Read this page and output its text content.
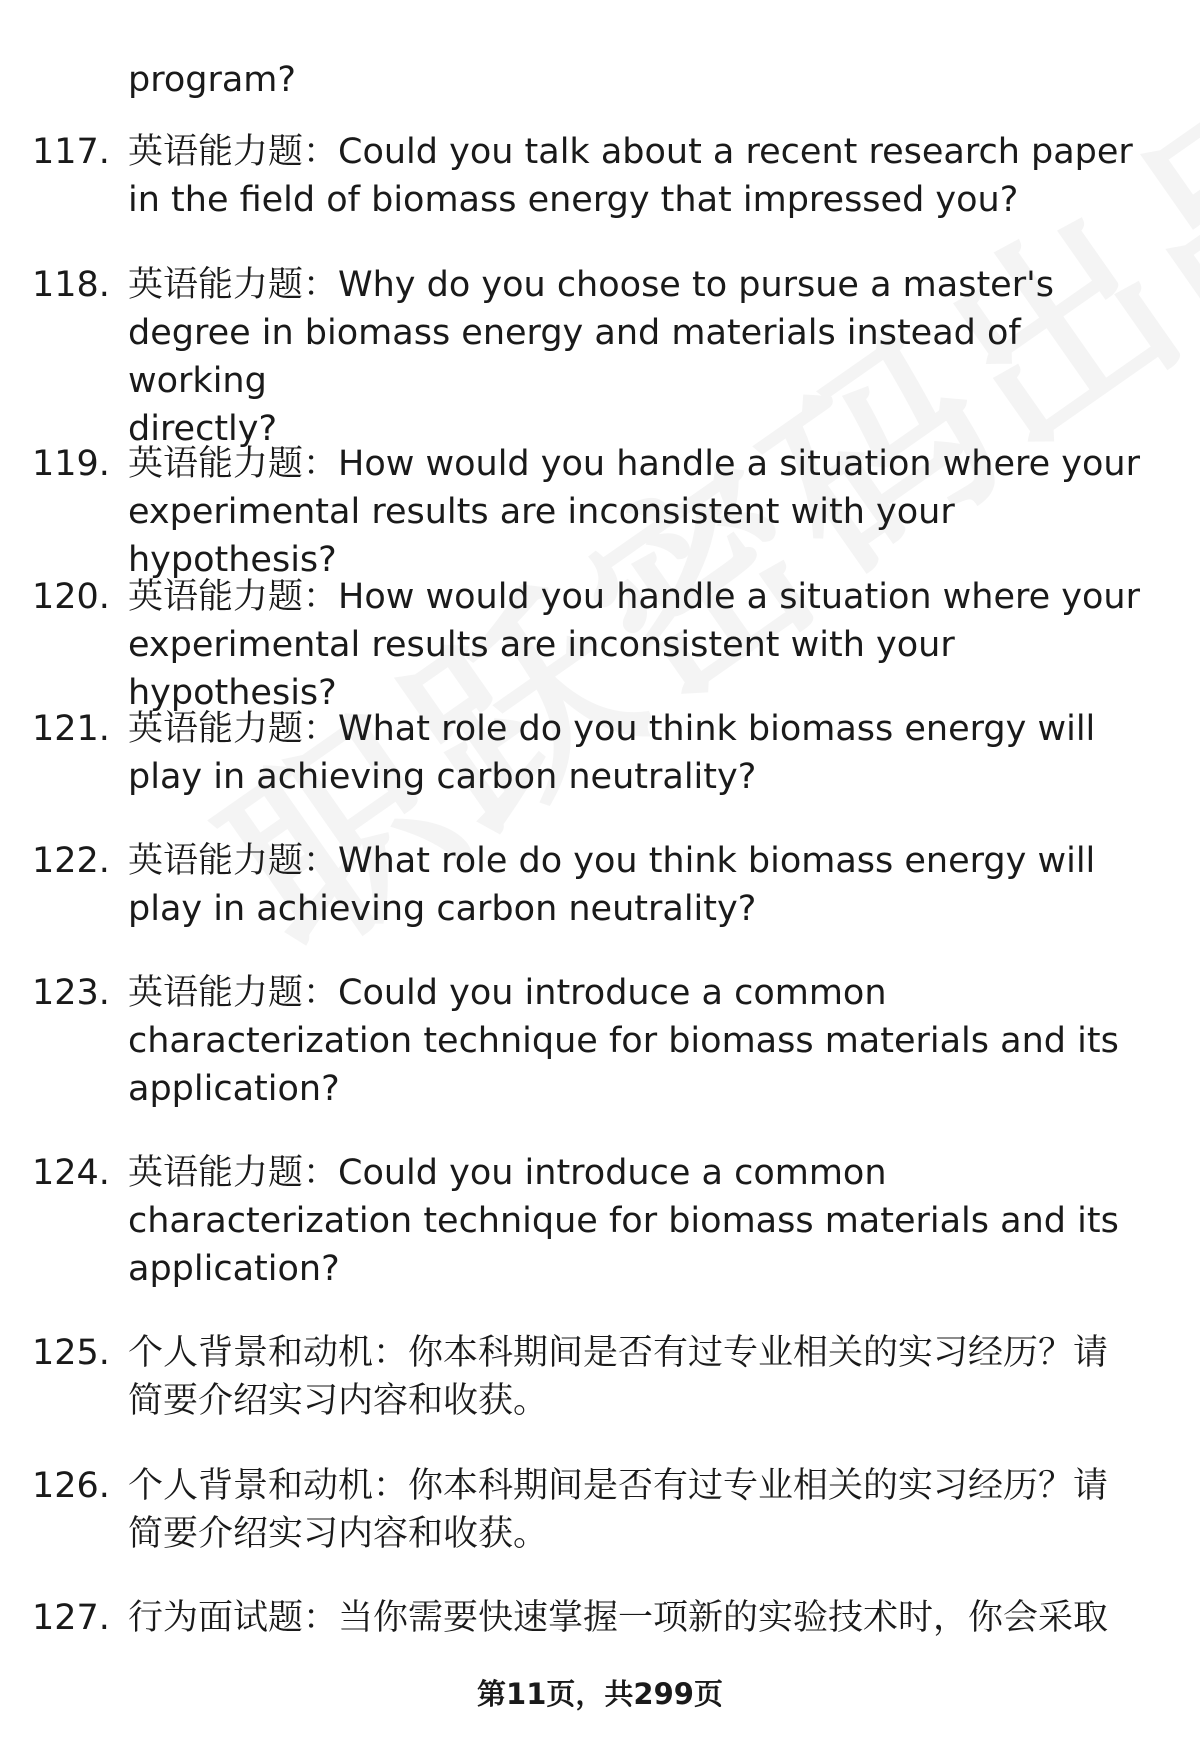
program?

117. 英语能力题：Could you talk about a recent research paper
in the field of biomass energy that impressed you?
118. 英语能力题：Why do you choose to pursue a master's
degree in biomass energy and materials instead of working
directly?
119. 英语能力题：How would you handle a situation where your
experimental results are inconsistent with your hypothesis?
120. 英语能力题：How would you handle a situation where your
experimental results are inconsistent with your hypothesis?
121. 英语能力题：What role do you think biomass energy will
play in achieving carbon neutrality?
122. 英语能力题：What role do you think biomass energy will
play in achieving carbon neutrality?
123. 英语能力题：Could you introduce a common
characterization technique for biomass materials and its
application?
124. 英语能力题：Could you introduce a common
characterization technique for biomass materials and its
application?
125. 个人背景和动机：你本科期间是否有过专业相关的实习经历？请
简要介绍实习内容和收获。
126. 个人背景和动机：你本科期间是否有过专业相关的实习经历？请
简要介绍实习内容和收获。
127. 行为面试题：当你需要快速掌握一项新的实验技术时，你会采取
第11页，共299页
